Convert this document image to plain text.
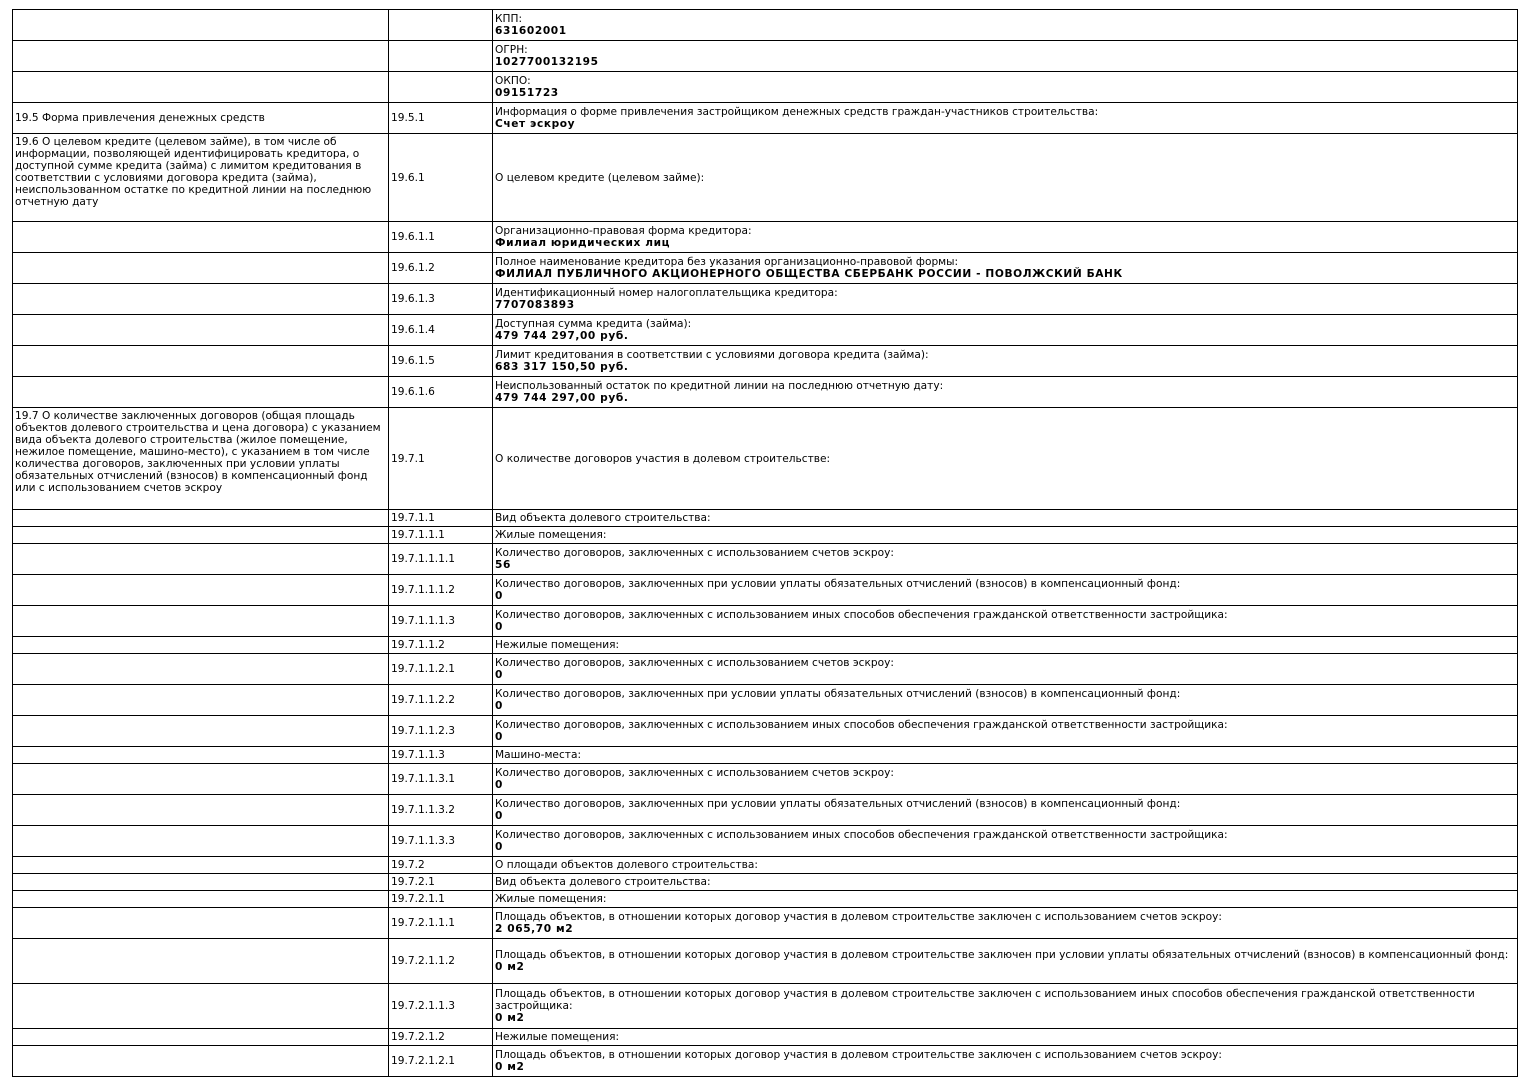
		КПП:
631602001

		ОГРН:
1027700132195

		ОКПО:
09151723

19.5 Форма привлечения денежных средств	19.5.1	Информация о форме привлечения застройщиком денежных средств граждан-участников строительства:
Счет эскроу

19.6 О целевом кредите (целевом займе), в том числе об информации, позволяющей идентифицировать кредитора, о доступной сумме кредита (займа) с лимитом кредитования в соответствии с условиями договора кредита (займа), неиспользованном остатке по кредитной линии на последнюю отчетную дату	19.6.1	О целевом кредите (целевом займе):

	19.6.1.1	Организационно-правовая форма кредитора:
Филиал юридических лиц

	19.6.1.2	Полное наименование кредитора без указания организационно-правовой формы:
ФИЛИАЛ ПУБЛИЧНОГО АКЦИОНЕРНОГО ОБЩЕСТВА СБЕРБАНК РОССИИ - ПОВОЛЖСКИЙ БАНК

	19.6.1.3	Идентификационный номер налогоплательщика кредитора:
7707083893

	19.6.1.4	Доступная сумма кредита (займа):
479 744 297,00 руб.

	19.6.1.5	Лимит кредитования в соответствии с условиями договора кредита (займа):
683 317 150,50 руб.

	19.6.1.6	Неиспользованный остаток по кредитной линии на последнюю отчетную дату:
479 744 297,00 руб.

19.7 О количестве заключенных договоров (общая площадь объектов долевого строительства и цена договора) с указанием вида объекта долевого строительства (жилое помещение, нежилое помещение, машино-место), с указанием в том числе количества договоров, заключенных при условии уплаты обязательных отчислений (взносов) в компенсационный фонд или с использованием счетов эскроу	19.7.1	О количестве договоров участия в долевом строительстве:

	19.7.1.1	Вид объекта долевого строительства:

	19.7.1.1.1	Жилые помещения:

	19.7.1.1.1.1	Количество договоров, заключенных с использованием счетов эскроу:
56

	19.7.1.1.1.2	Количество договоров, заключенных при условии уплаты обязательных отчислений (взносов) в компенсационный фонд:
0

	19.7.1.1.1.3	Количество договоров, заключенных с использованием иных способов обеспечения гражданской ответственности застройщика:
0

	19.7.1.1.2	Нежилые помещения:

	19.7.1.1.2.1	Количество договоров, заключенных с использованием счетов эскроу:
0

	19.7.1.1.2.2	Количество договоров, заключенных при условии уплаты обязательных отчислений (взносов) в компенсационный фонд:
0

	19.7.1.1.2.3	Количество договоров, заключенных с использованием иных способов обеспечения гражданской ответственности застройщика:
0

	19.7.1.1.3	Машино-места:

	19.7.1.1.3.1	Количество договоров, заключенных с использованием счетов эскроу:
0

	19.7.1.1.3.2	Количество договоров, заключенных при условии уплаты обязательных отчислений (взносов) в компенсационный фонд:
0

	19.7.1.1.3.3	Количество договоров, заключенных с использованием иных способов обеспечения гражданской ответственности застройщика:
0

	19.7.2	О площади объектов долевого строительства:

	19.7.2.1	Вид объекта долевого строительства:

	19.7.2.1.1	Жилые помещения:

	19.7.2.1.1.1	Площадь объектов, в отношении которых договор участия в долевом строительстве заключен с использованием счетов эскроу:
2 065,70 м2

	19.7.2.1.1.2	Площадь объектов, в отношении которых договор участия в долевом строительстве заключен при условии уплаты обязательных отчислений (взносов) в компенсационный фонд:
0 м2

	19.7.2.1.1.3	Площадь объектов, в отношении которых договор участия в долевом строительстве заключен с использованием иных способов обеспечения гражданской ответственности застройщика:
0 м2

	19.7.2.1.2	Нежилые помещения:

	19.7.2.1.2.1	Площадь объектов, в отношении которых договор участия в долевом строительстве заключен с использованием счетов эскроу:
0 м2
